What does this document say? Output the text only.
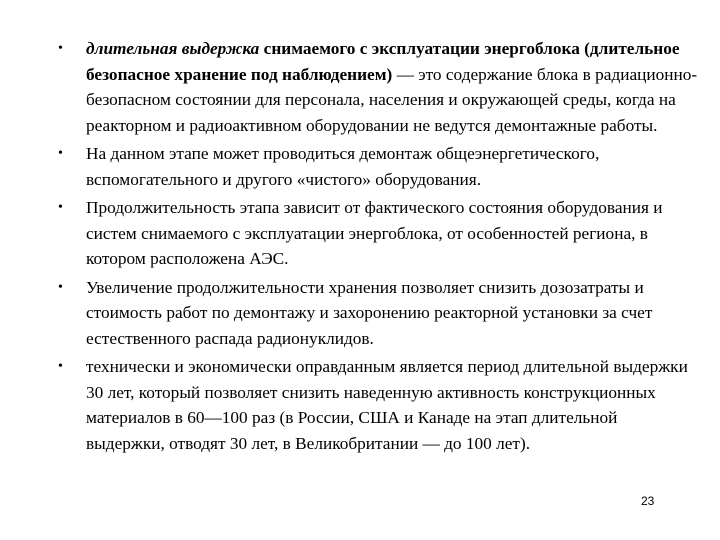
• длительная выдержка снимаемого с эксплуатации энергоблока (длительное безопасное хранение под наблюдением) — это содержание блока в радиационно-безопасном состоянии для персонала, населения и окружающей среды, когда на реакторном и радиоактивном оборудовании не ведутся демонтажные работы.
• На данном этапе может проводиться демонтаж общеэнергетического, вспомогательного и другого «чистого» оборудования.
• Продолжительность этапа зависит от фактического состояния оборудования и систем снимаемого с эксплуатации энергоблока, от особенностей региона, в котором расположена АЭС.
• Увеличение продолжительности хранения позволяет снизить дозозатраты и стоимость работ по демонтажу и захоронению реакторной установки за счет естественного распада радионуклидов.
• технически и экономически оправданным является период длительной выдержки 30 лет, который позволяет снизить наведенную активность конструкционных материалов в 60—100 раз (в России, США и Канаде на этап длительной выдержки, отводят 30 лет, в Великобритании — до 100 лет).
23
